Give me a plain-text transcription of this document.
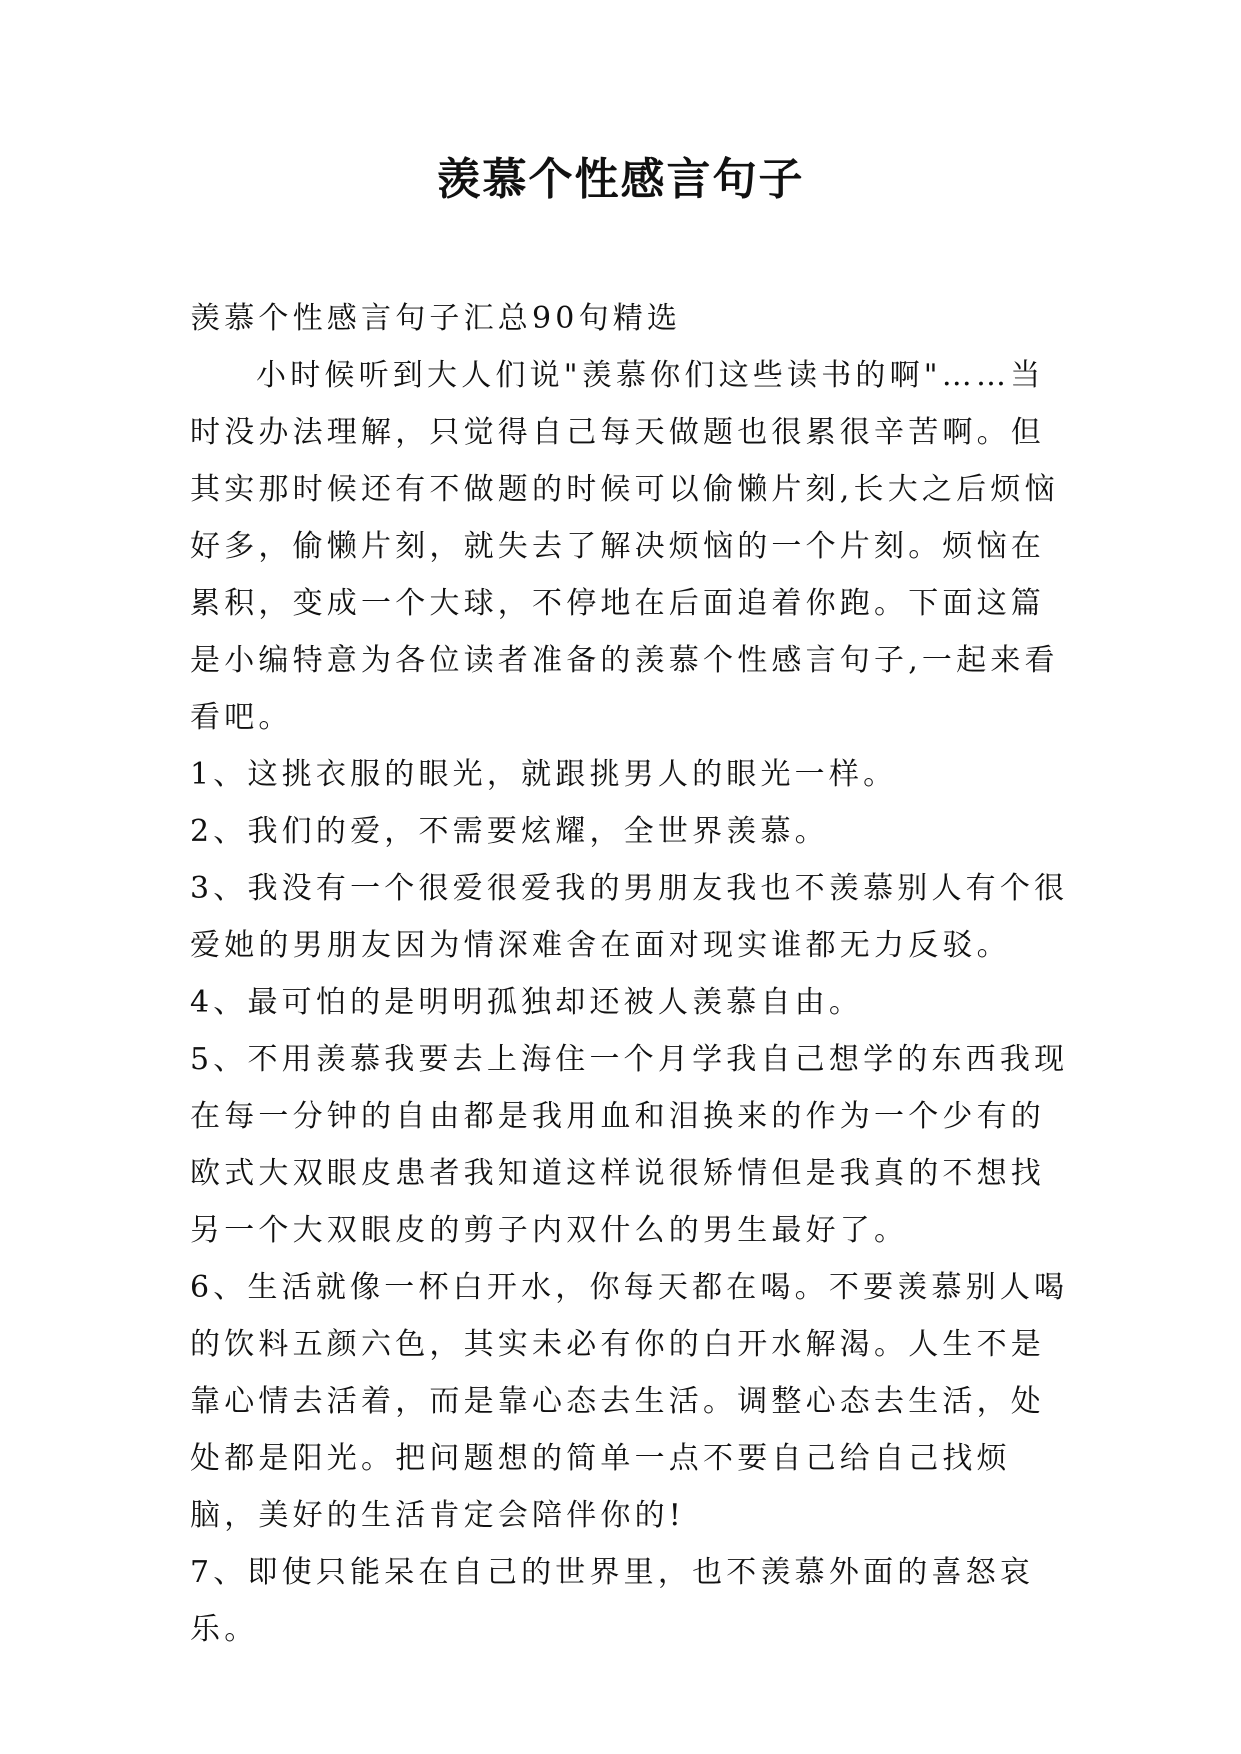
羡慕个性感言句子

羡慕个性感言句子汇总90句精选

小时候听到大人们说"羡慕你们这些读书的啊"……当时没办法理解，只觉得自己每天做题也很累很辛苦啊。但其实那时候还有不做题的时候可以偷懒片刻,长大之后烦恼好多，偷懒片刻，就失去了解决烦恼的一个片刻。烦恼在累积，变成一个大球，不停地在后面追着你跑。下面这篇是小编特意为各位读者准备的羡慕个性感言句子,一起来看看吧。

1、这挑衣服的眼光，就跟挑男人的眼光一样。

2、我们的爱，不需要炫耀，全世界羡慕。

3、我没有一个很爱很爱我的男朋友我也不羡慕别人有个很爱她的男朋友因为情深难舍在面对现实谁都无力反驳。

4、最可怕的是明明孤独却还被人羡慕自由。

5、不用羡慕我要去上海住一个月学我自己想学的东西我现在每一分钟的自由都是我用血和泪换来的作为一个少有的欧式大双眼皮患者我知道这样说很矫情但是我真的不想找另一个大双眼皮的剪子内双什么的男生最好了。

6、生活就像一杯白开水，你每天都在喝。不要羡慕别人喝的饮料五颜六色，其实未必有你的白开水解渴。人生不是靠心情去活着，而是靠心态去生活。调整心态去生活，处处都是阳光。把问题想的简单一点不要自己给自己找烦脑，美好的生活肯定会陪伴你的!

7、即使只能呆在自己的世界里，也不羡慕外面的喜怒哀乐。
